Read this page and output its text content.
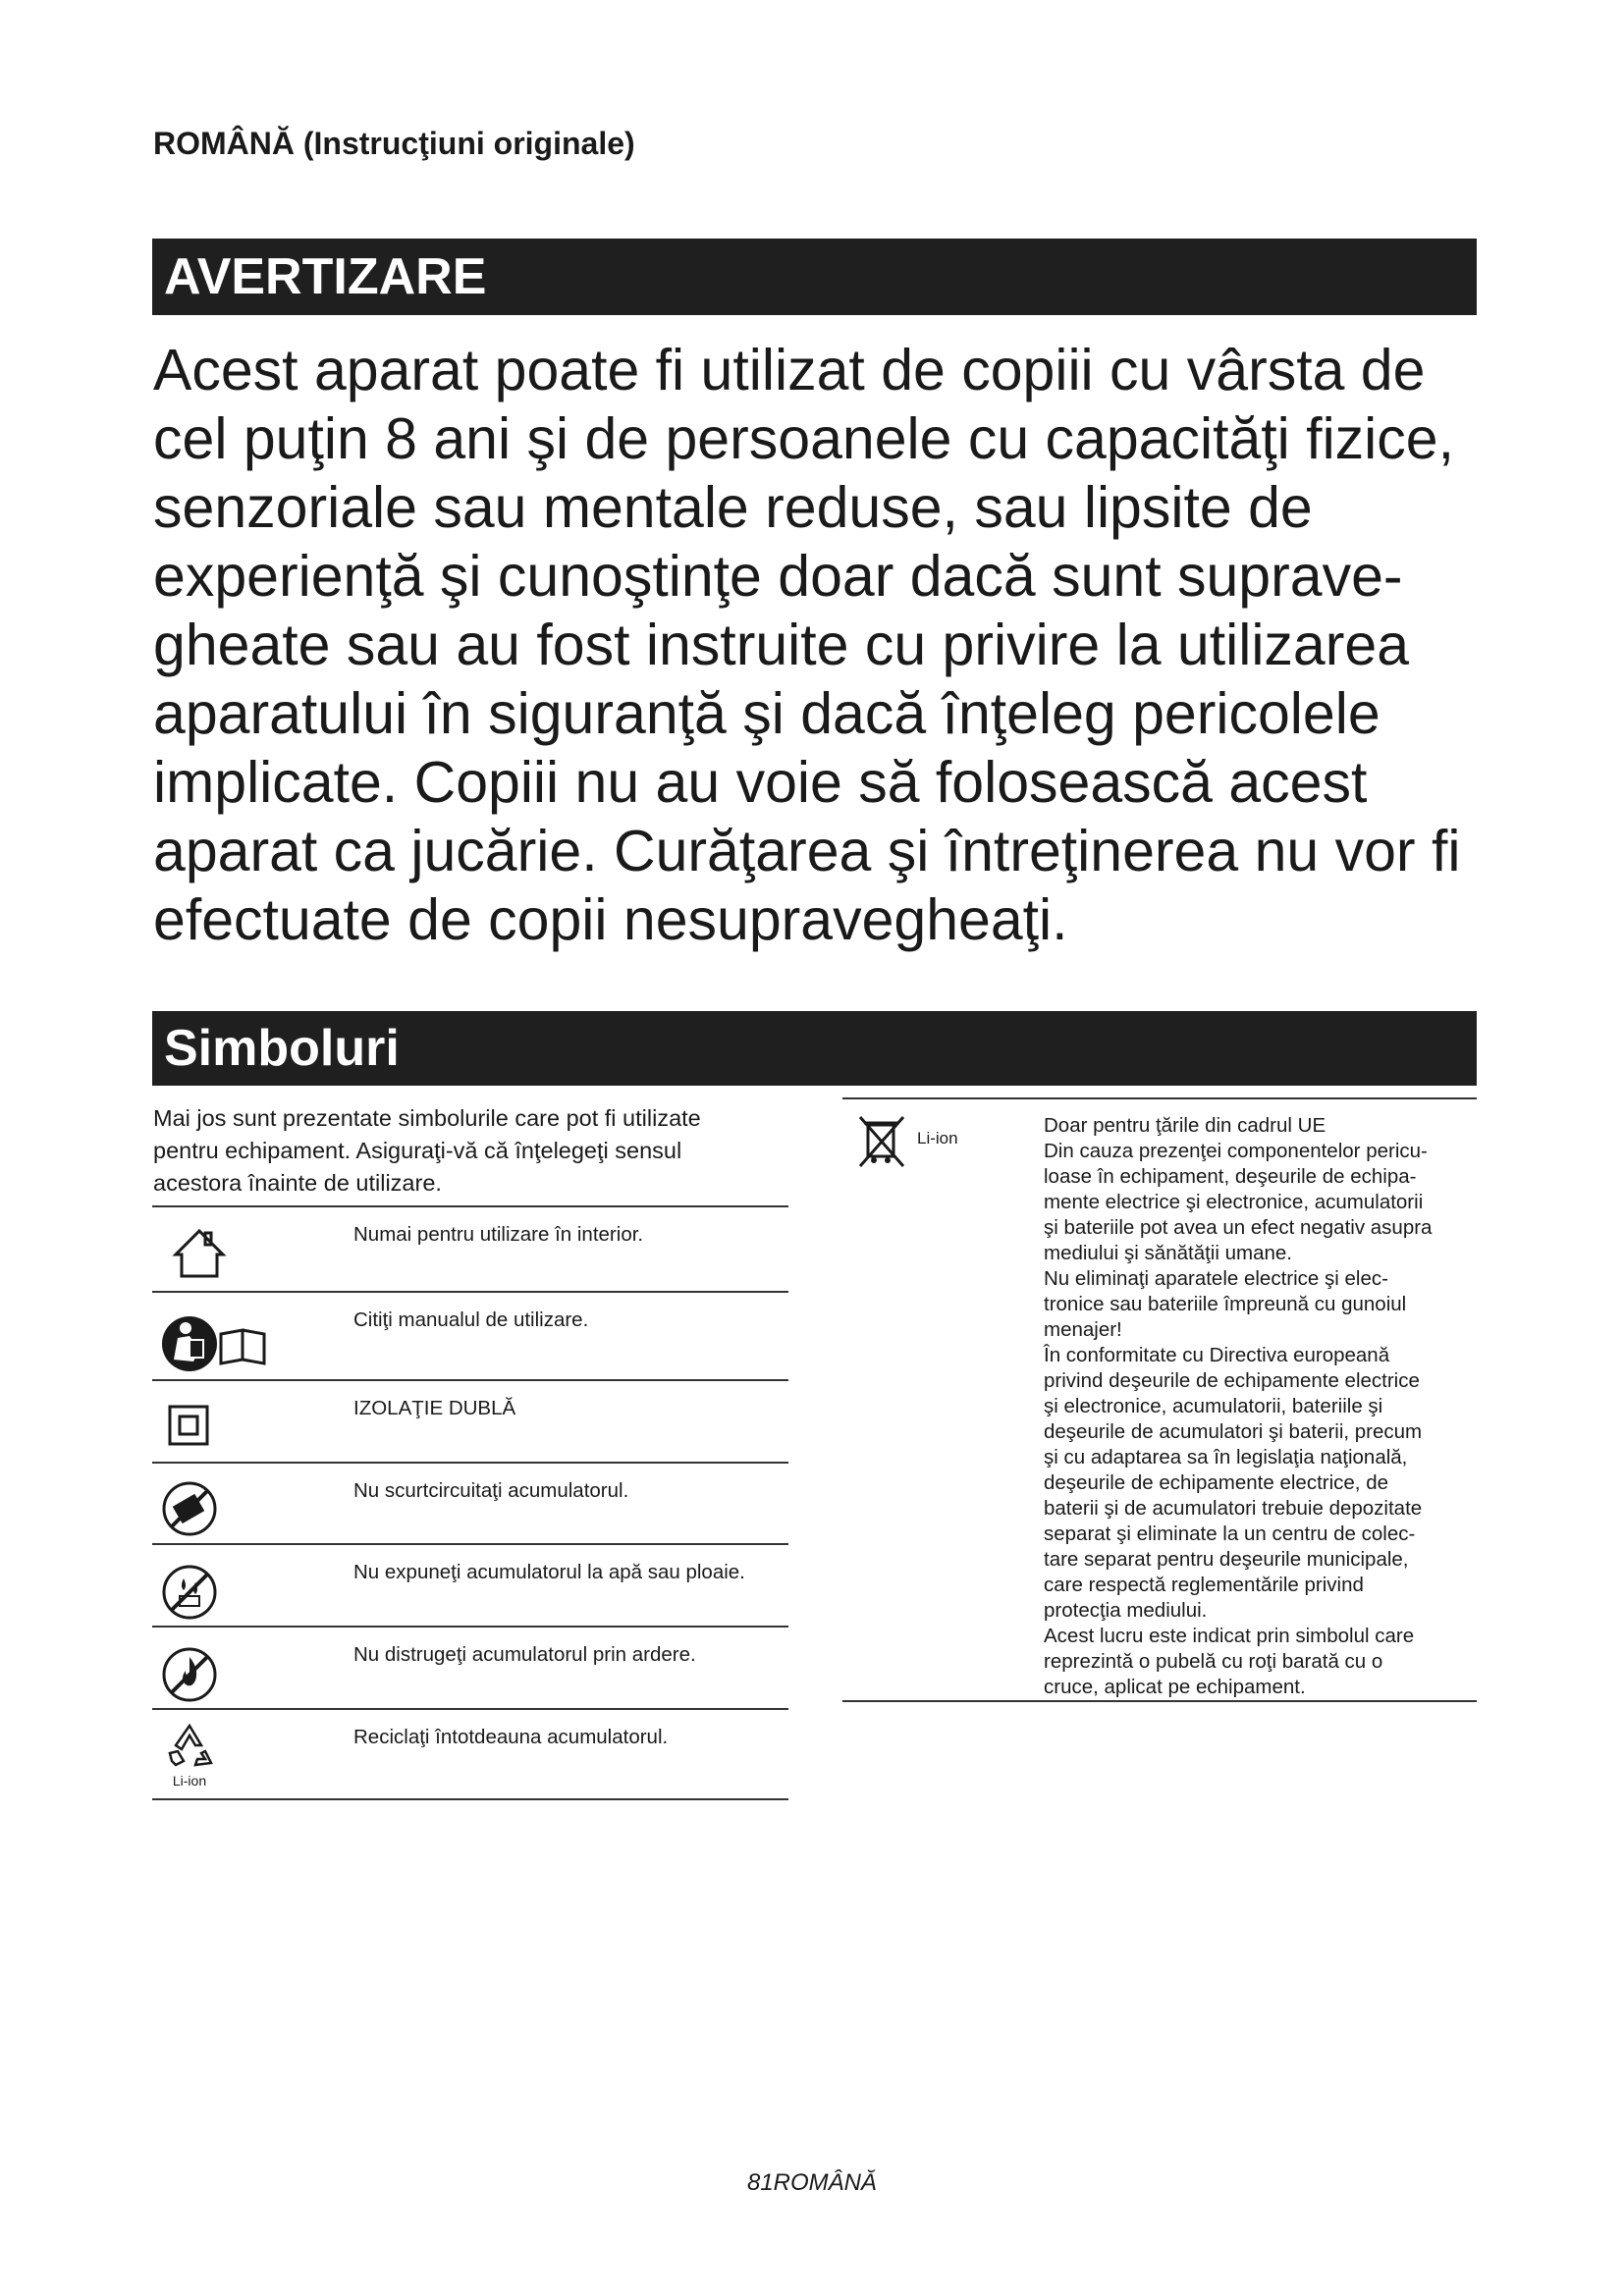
ROMÂNĂ (Instrucţiuni originale)
AVERTIZARE
Acest aparat poate fi utilizat de copiii cu vârsta de
cel puţin 8 ani şi de persoanele cu capacităţi fizice,
senzoriale sau mentale reduse, sau lipsite de
experienţă şi cunoştinţe doar dacă sunt suprave-
gheate sau au fost instruite cu privire la utilizarea
aparatului în siguranţă şi dacă înţeleg pericolele
implicate. Copiii nu au voie să folosească acest
aparat ca jucărie. Curăţarea şi întreţinerea nu vor fi
efectuate de copii nesupravegheaţi.
Simboluri
Mai jos sunt prezentate simbolurile care pot fi utilizate
pentru echipament. Asiguraţi-vă că înţelegeţi sensul
acestora înainte de utilizare.
Numai pentru utilizare în interior.
Citiţi manualul de utilizare.
IZOLAŢIE DUBLĂ
Nu scurtcircuitaţi acumulatorul.
Nu expuneţi acumulatorul la apă sau ploaie.
Nu distrugeţi acumulatorul prin ardere.
Li-ion
Reciclaţi întotdeauna acumulatorul.
Li-ion
Doar pentru ţările din cadrul UE
Din cauza prezenţei componentelor pericu-
loase în echipament, deşeurile de echipa-
mente electrice şi electronice, acumulatorii
şi bateriile pot avea un efect negativ asupra
mediului şi sănătăţii umane.
Nu eliminaţi aparatele electrice şi elec-
tronice sau bateriile împreună cu gunoiul
menajer!
În conformitate cu Directiva europeană
privind deşeurile de echipamente electrice
şi electronice, acumulatorii, bateriile şi
deşeurile de acumulatori şi baterii, precum
şi cu adaptarea sa în legislaţia naţională,
deşeurile de echipamente electrice, de
baterii şi de acumulatori trebuie depozitate
separat şi eliminate la un centru de colec-
tare separat pentru deşeurile municipale,
care respectă reglementările privind
protecţia mediului.
Acest lucru este indicat prin simbolul care
reprezintă o pubelă cu roţi barată cu o
cruce, aplicat pe echipament.
81ROMÂNĂ
